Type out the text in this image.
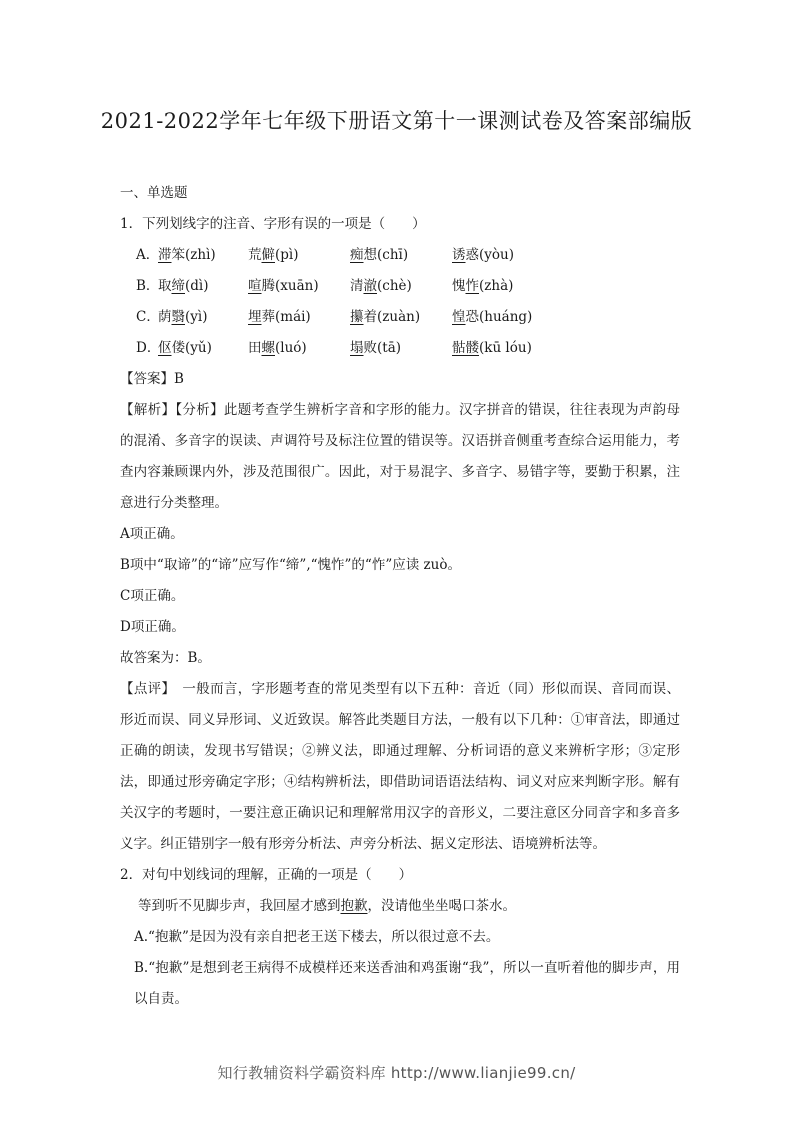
2021-2022学年七年级下册语文第十一课测试卷及答案部编版
一、单选题
1．下列划线字的注音、字形有误的一项是（　　）
A．
滞笨(zhì)	荒僻(pì)	痴想(chī)	诱惑(yòu)
B．
取缔(dì)	喧腾(xuān)	清澈(chè)	愧怍(zhà)
C．
荫翳(yì)	埋葬(mái)	攥着(zuàn)	惶恐(huáng)
D．
伛偻(yǔ)	田螺(luó)	塌败(tā)	骷髅(kū lóu)
【答案】B
【解析】【分析】此题考查学生辨析字音和字形的能力。汉字拼音的错误，往往表现为声韵母的混淆、多音字的误读、声调符号及标注位置的错误等。汉语拼音侧重考查综合运用能力，考查内容兼顾课内外，涉及范围很广。因此，对于易混字、多音字、易错字等，要勤于积累，注意进行分类整理。
A项正确。
B项中“取谛”的“谛”应写作“缔”,“愧怍”的“怍”应读 zuò。
C项正确。
D项正确。
故答案为：B。
【点评】　一般而言，字形题考查的常见类型有以下五种：音近（同）形似而误、音同而误、形近而误、同义异形词、义近致误。解答此类题目方法，一般有以下几种：①审音法，即通过正确的朗读，发现书写错误；②辨义法，即通过理解、分析词语的意义来辨析字形；③定形法，即通过形旁确定字形；④结构辨析法，即借助词语语法结构、词义对应来判断字形。解有关汉字的考题时，一要注意正确识记和理解常用汉字的音形义，二要注意区分同音字和多音多义字。纠正错别字一般有形旁分析法、声旁分析法、据义定形法、语境辨析法等。
2．对句中划线词的理解，正确的一项是（　　）
等到听不见脚步声，我回屋才感到抱歉，没请他坐坐喝口茶水。
A.“抱歉”是因为没有亲自把老王送下楼去，所以很过意不去。
B.“抱歉”是想到老王病得不成模样还来送香油和鸡蛋谢“我”，所以一直听着他的脚步声，用以自责。
知行教辅资料学霸资料库 http://www.lianjie99.cn/
